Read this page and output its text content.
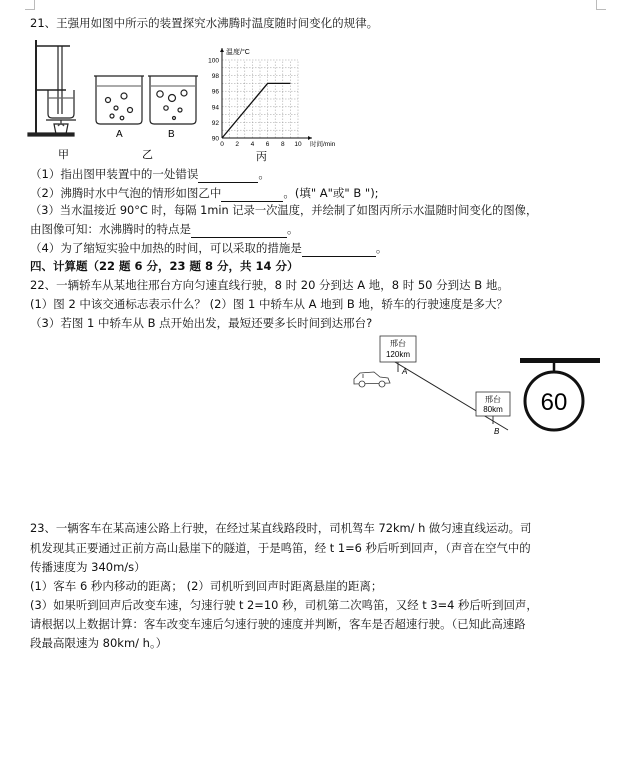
21、王强用如图中所示的装置探究水沸腾时温度随时间变化的规律。
甲
A	B
乙
90
92
94
96
98
100
0 2 4 6 8 10
温度/°C
时间/min
丙
（1）指出图甲装置中的一处错误	。
（2）沸腾时水中气泡的情形如图乙中	。(填" A"或" B ");
（3）当水温接近 90°C 时，每隔 1min 记录一次温度，并绘制了如图丙所示水温随时间变化的图像，
由图像可知：水沸腾时的特点是	。
（4）为了缩短实验中加热的时间，可以采取的措施是	。
四、计算题（22 题 6 分，23 题 8 分，共 14 分）
22、一辆轿车从某地往邢台方向匀速直线行驶，8 时 20 分到达 A 地，8 时 50 分到达 B 地。
(1）图 2 中该交通标志表示什么？ (2）图 1 中轿车从 A 地到 B 地，轿车的行驶速度是多大？
（3）若图 1 中轿车从 B 点开始出发，最短还要多长时间到达邢台?
邢台
120km
A
邢台
80km
B
60
23、一辆客车在某高速公路上行驶，在经过某直线路段时，司机驾车 72km/ h 做匀速直线运动。司
机发现其正要通过正前方高山悬崖下的隧道，于是鸣笛，经 t 1=6 秒后听到回声，（声音在空气中的
传播速度为 340m/s）
(1）客车 6 秒内移动的距离； (2）司机听到回声时距离悬崖的距离；
(3）如果听到回声后改变车速，匀速行驶 t 2=10 秒，司机第二次鸣笛，又经 t 3=4 秒后听到回声，
请根据以上数据计算：客车改变车速后匀速行驶的速度并判断，客车是否超速行驶。（已知此高速路
段最高限速为 80km/ h。）
